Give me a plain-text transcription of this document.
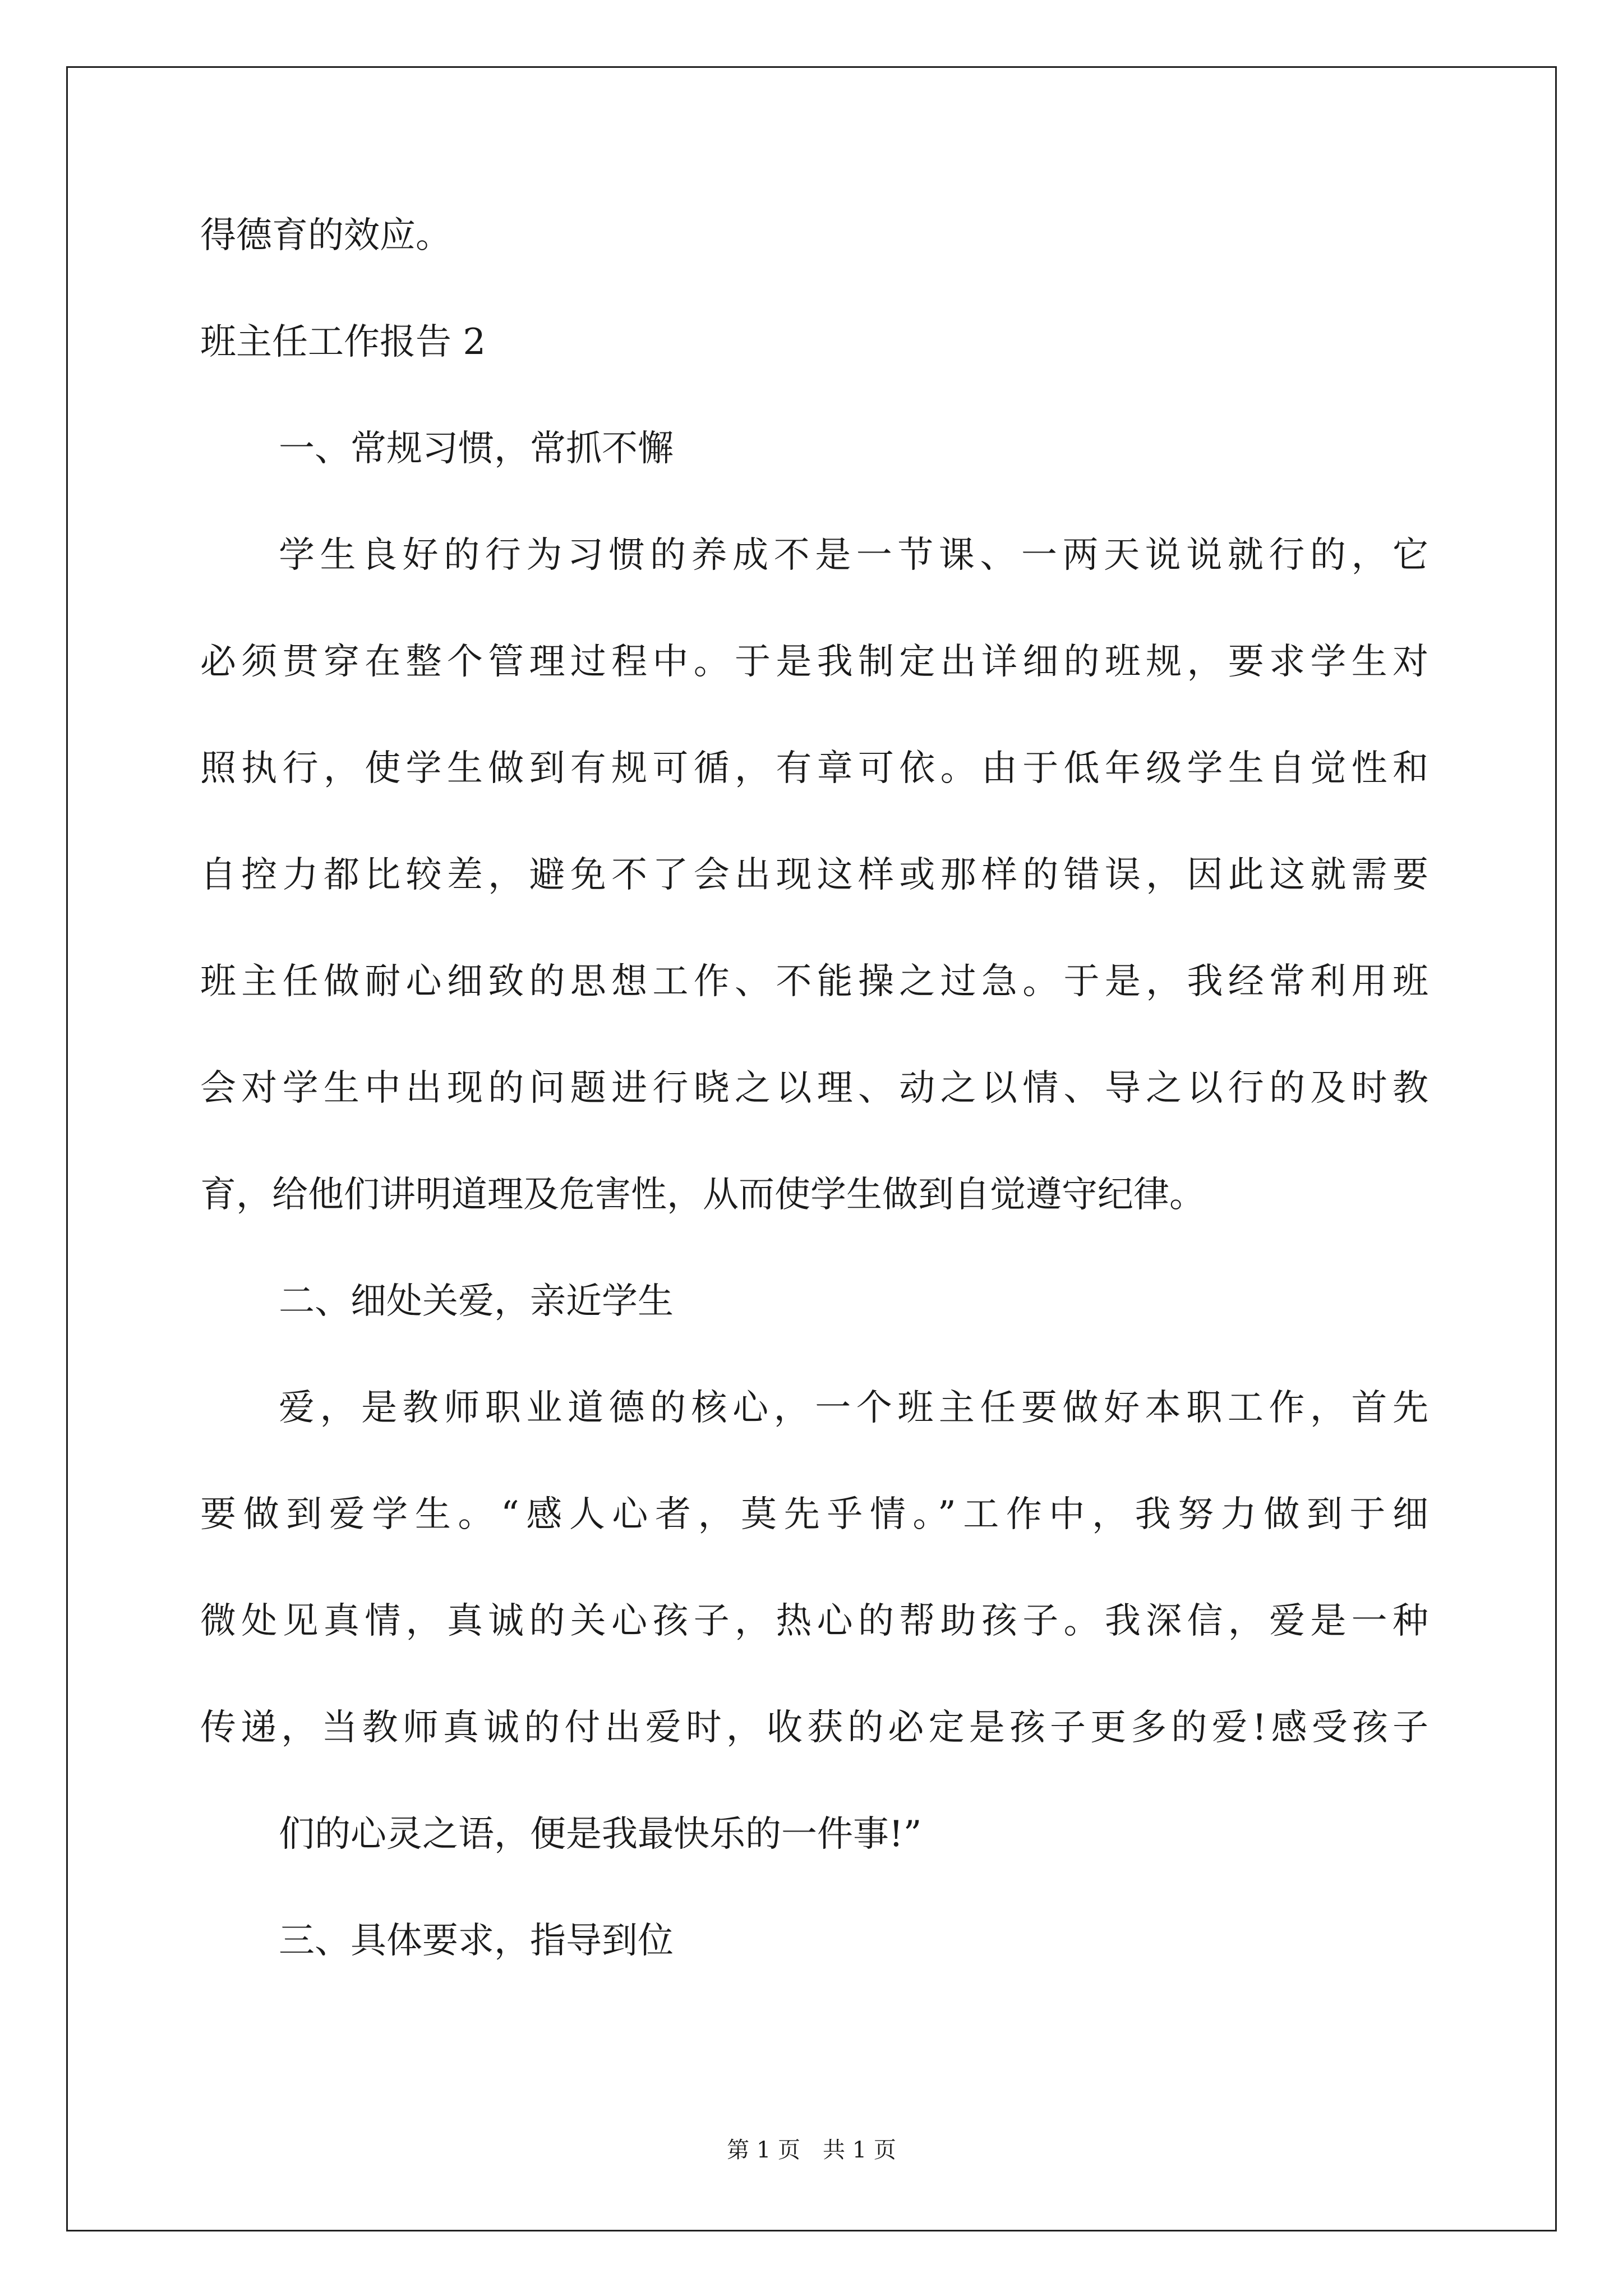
得德育的效应。
班主任工作报告 2
一、常规习惯，常抓不懈
学生良好的行为习惯的养成不是一节课、一两天说说就行的，它
必须贯穿在整个管理过程中。于是我制定出详细的班规，要求学生对
照执行，使学生做到有规可循，有章可依。由于低年级学生自觉性和
自控力都比较差，避免不了会出现这样或那样的错误，因此这就需要
班主任做耐心细致的思想工作、不能操之过急。于是，我经常利用班
会对学生中出现的问题进行晓之以理、动之以情、导之以行的及时教
育，给他们讲明道理及危害性，从而使学生做到自觉遵守纪律。
二、细处关爱，亲近学生
爱，是教师职业道德的核心，一个班主任要做好本职工作，首先
要做到爱学生。“感人心者，莫先乎情。”工作中，我努力做到于细
微处见真情，真诚的关心孩子，热心的帮助孩子。我深信，爱是一种
传递，当教师真诚的付出爱时，收获的必定是孩子更多的爱!感受孩子
们的心灵之语，便是我最快乐的一件事!”
三、具体要求，指导到位
第 1 页　共 1 页
